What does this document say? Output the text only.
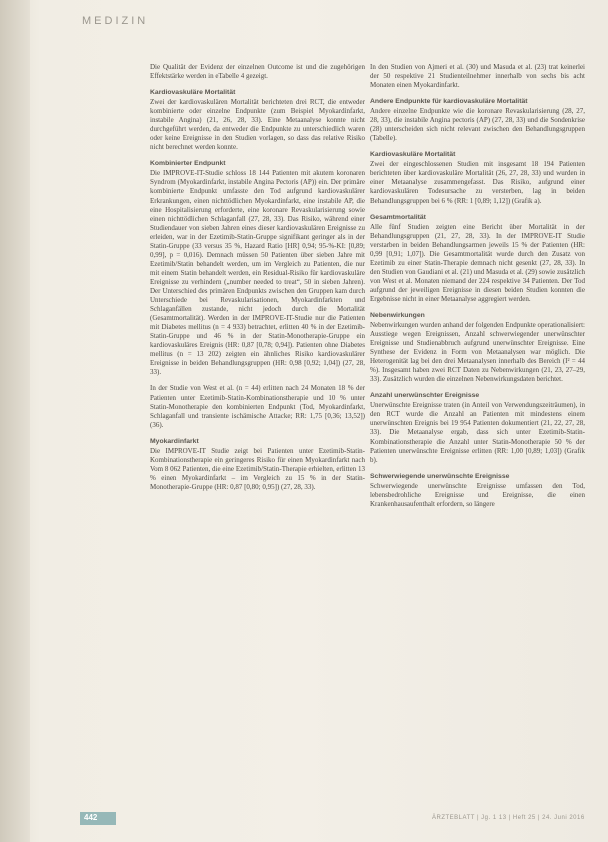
MEDIZIN

Die Qualität der Evidenz der einzelnen Outcome ist und die zugehörigen Effektstärke werden in eTabelle 4 gezeigt.

Kardiovaskuläre Mortalität

Zwei der kardiovaskulären Mortalität berichteten drei RCT, die entweder kombinierte oder einzelne Endpunkte (zum Beispiel Myokardinfarkt, instabile Angina) (21, 26, 28, 33). Eine Metaanalyse konnte nicht durchgeführt werden, da entweder die Endpunkte zu unterschiedlich waren oder keine Ereignisse in den Studien vorlagen, so dass das relative Risiko nicht berechnet werden konnte.

Kombinierter Endpunkt

Die IMPROVE-IT-Studie schloss 18 144 Patienten mit akutem koronaren Syndrom (Myokardinfarkt, instabile Angina Pectoris (AP)) ein. Der primäre kombinierte Endpunkt umfasste den Tod aufgrund kardiovaskulärer Erkrankungen, einen nichttödlichen Myokardinfarkt, eine instabile AP, die eine Hospitalisierung erforderte, eine koronare Revaskularisierung sowie einen nichttödlichen Schlaganfall (27, 28, 33). Das Risiko, während einer Studiendauer von sieben Jahren eines dieser kardiovaskulären Ereignisse zu erleiden, war in der Ezetimib-Statin-Gruppe signifikant geringer als in der Statin-Gruppe (33 versus 35 %, Hazard Ratio [HR] 0,94; 95-%-KI: [0,89; 0,99], p = 0,016). Demnach müssen 50 Patienten über sieben Jahre mit Ezetimib/Statin behandelt werden, um im Vergleich zu Patienten, die nur mit einem Statin behandelt werden, ein Residual-Risiko für kardiovaskuläre Ereignisse zu verhindern („number needed to treat“, 50 in sieben Jahren). Der Unterschied des primären Endpunkts zwischen den Gruppen kam durch Unterschiede bei Revaskularisationen, Myokardinfarkten und Schlaganfällen zustande, nicht jedoch durch die Mortalität (Gesamtmortalität). Werden in der IMPROVE-IT-Studie nur die Patienten mit Diabetes mellitus (n = 4 933) betrachtet, erlitten 40 % in der Ezetimib-Statin-Gruppe und 46 % in der Statin-Monotherapie-Gruppe ein kardiovaskuläres Ereignis (HR: 0,87 [0,78; 0,94]). Patienten ohne Diabetes mellitus (n = 13 202) zeigten ein ähnliches Risiko kardiovaskulärer Ereignisse in beiden Behandlungsgruppen (HR: 0,98 [0,92; 1,04]) (27, 28, 33).

In der Studie von West et al. (n = 44) erlitten nach 24 Monaten 18 % der Patienten unter Ezetimib-Statin-Kombinationstherapie und 10 % unter Statin-Monotherapie den kombinierten Endpunkt (Tod, Myokardinfarkt, Schlaganfall und transiente ischämische Attacke; RR: 1,75 [0,36; 13,52]) (36).

Myokardinfarkt

Die IMPROVE-IT Studie zeigt bei Patienten unter Ezetimib-Statin-Kombinationstherapie ein geringeres Risiko für einen Myokardinfarkt nach Vom 8 062 Patienten, die eine Ezetimib/Statin-Therapie erhielten, erlitten 13 % einen Myokardinfarkt – im Vergleich zu 15 % in der Statin-Monotherapie-Gruppe (HR: 0,87 [0,80; 0,95]) (27, 28, 33).

In den Studien von Ajmeri et al. (30) und Masuda et al. (23) trat keinerlei der 50 respektive 21 Studienteilnehmer innerhalb von sechs bis acht Monaten einen Myokardinfarkt.

Andere Endpunkte für kardiovaskuläre Mortalität

Andere einzelne Endpunkte wie die koronare Revaskularisierung (28, 27, 28, 33), die instabile Angina pectoris (AP) (27, 28, 33) und die Sondenkrise (28) unterscheiden sich nicht relevant zwischen den Behandlungsgruppen (Tabelle).

Kardiovaskuläre Mortalität

Zwei der eingeschlossenen Studien mit insgesamt 18 194 Patienten berichteten über kardiovaskuläre Mortalität (26, 27, 28, 33) und wurden in einer Metaanalyse zusammengefasst. Das Risiko, aufgrund einer kardiovaskulären Todesursache zu versterben, lag in beiden Behandlungsgruppen bei 6 % (RR: 1 [0,89; 1,12]) (Grafik a).

Gesamtmortalität

Alle fünf Studien zeigten eine Bericht über Mortalität in der Behandlungsgruppen (21, 27, 28, 33). In der IMPROVE-IT Studie verstarben in beiden Behandlungsarmen jeweils 15 % der Patienten (HR: 0,99 [0,91; 1,07]). Die Gesamtmortalität wurde durch den Zusatz von Ezetimib zu einer Statin-Therapie demnach nicht gesenkt (27, 28, 33). In den Studien von Gaudiani et al. (21) und Masuda et al. (29) sowie zusätzlich von West et al. Monaten niemand der 224 respektive 34 Patienten. Der Tod aufgrund der jeweiligen Ereignisse in diesen beiden Studien konnten die Ergebnisse nicht in einer Metaanalyse aggregiert werden.

Nebenwirkungen

Nebenwirkungen wurden anhand der folgenden Endpunkte operationalisiert: Ausstiege wegen Ereignissen, Anzahl schwerwiegender unerwünschter Ereignisse und Studienabbruch aufgrund unerwünschter Ereignisse. Eine Synthese der Evidenz in Form von Metaanalysen war möglich. Die Heterogenität lag bei den drei Metaanalysen innerhalb des Bereich (I² = 44 %). Insgesamt haben zwei RCT Daten zu Nebenwirkungen (21, 23, 27–29, 33). Zusätzlich wurden die einzelnen Nebenwirkungsdaten berichtet.

Anzahl unerwünschter Ereignisse

Unerwünschte Ereignisse traten (in Anteil von Verwendungszeiträumen), in den RCT wurde die Anzahl an Patienten mit mindestens einem unerwünschten Ereignis bei 19 954 Patienten dokumentiert (21, 22, 27, 28, 33). Die Metaanalyse ergab, dass sich unter Ezetimib-Statin-Kombinationstherapie die Anzahl unter Statin-Monotherapie 50 % der Patienten unerwünschte Ereignisse erlitten (RR: 1,00 [0,89; 1,03]) (Grafik b).

Schwerwiegende unerwünschte Ereignisse

Schwerwiegende unerwünschte Ereignisse umfassen den Tod, lebensbedrohliche Ereignisse und Ereignisse, die einen Krankenhausaufenthalt erfordern, so längere

442	ÄRZTEBLATT | Jg. 1 13 | Heft 25 | 24. Juni 2016
